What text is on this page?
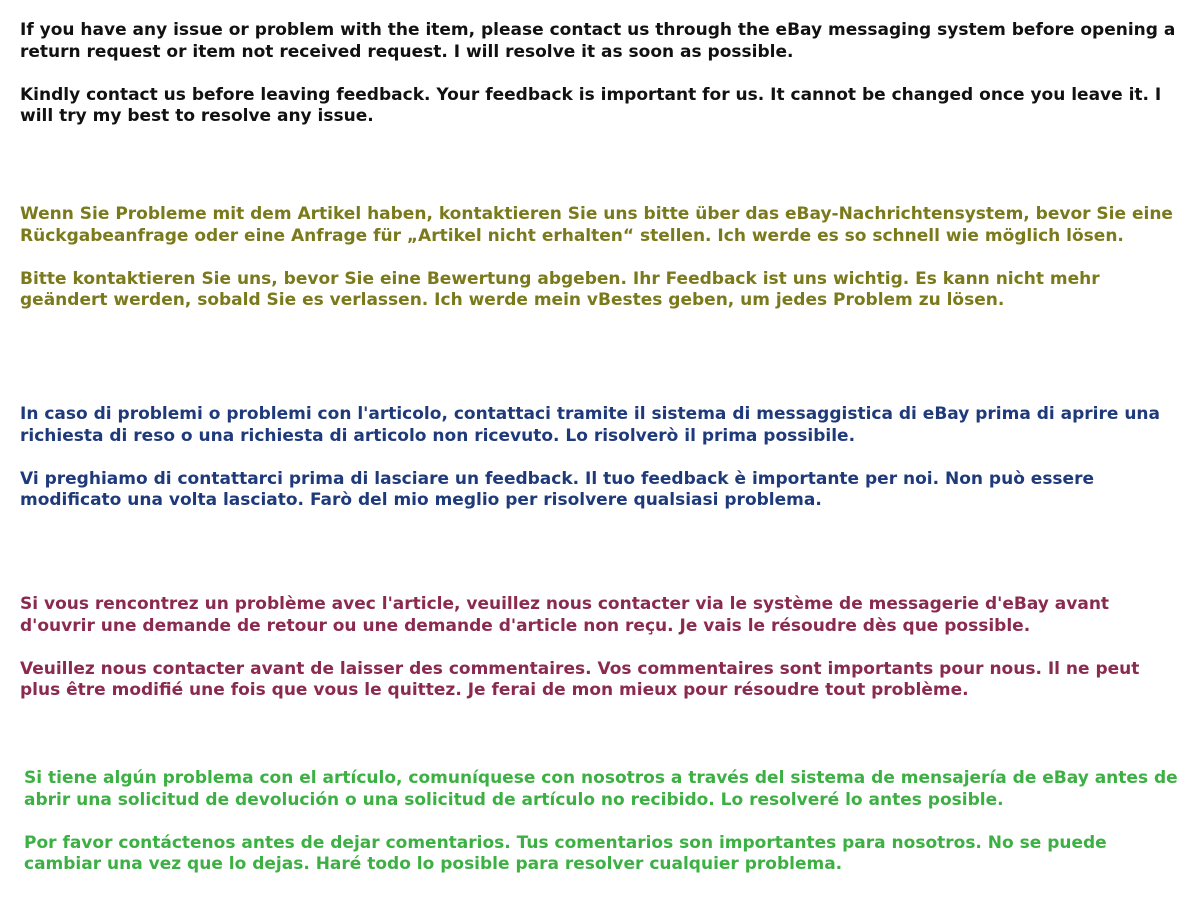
If you have any issue or problem with the item, please contact us through the eBay messaging system before opening a return request or item not received request. I will resolve it as soon as possible.

Kindly contact us before leaving feedback. Your feedback is important for us. It cannot be changed once you leave it. I will try my best to resolve any issue.

Wenn Sie Probleme mit dem Artikel haben, kontaktieren Sie uns bitte über das eBay-Nachrichtensystem, bevor Sie eine Rückgabeanfrage oder eine Anfrage für „Artikel nicht erhalten“ stellen. Ich werde es so schnell wie möglich lösen.

Bitte kontaktieren Sie uns, bevor Sie eine Bewertung abgeben. Ihr Feedback ist uns wichtig. Es kann nicht mehr geändert werden, sobald Sie es verlassen. Ich werde mein vBestes geben, um jedes Problem zu lösen.

In caso di problemi o problemi con l'articolo, contattaci tramite il sistema di messaggistica di eBay prima di aprire una richiesta di reso o una richiesta di articolo non ricevuto. Lo risolverò il prima possibile.

Vi preghiamo di contattarci prima di lasciare un feedback. Il tuo feedback è importante per noi. Non può essere modificato una volta lasciato. Farò del mio meglio per risolvere qualsiasi problema.

Si vous rencontrez un problème avec l'article, veuillez nous contacter via le système de messagerie d'eBay avant d'ouvrir une demande de retour ou une demande d'article non reçu. Je vais le résoudre dès que possible.

Veuillez nous contacter avant de laisser des commentaires. Vos commentaires sont importants pour nous. Il ne peut plus être modifié une fois que vous le quittez. Je ferai de mon mieux pour résoudre tout problème.

Si tiene algún problema con el artículo, comuníquese con nosotros a través del sistema de mensajería de eBay antes de abrir una solicitud de devolución o una solicitud de artículo no recibido. Lo resolveré lo antes posible.

Por favor contáctenos antes de dejar comentarios. Tus comentarios son importantes para nosotros. No se puede cambiar una vez que lo dejas. Haré todo lo posible para resolver cualquier problema.
